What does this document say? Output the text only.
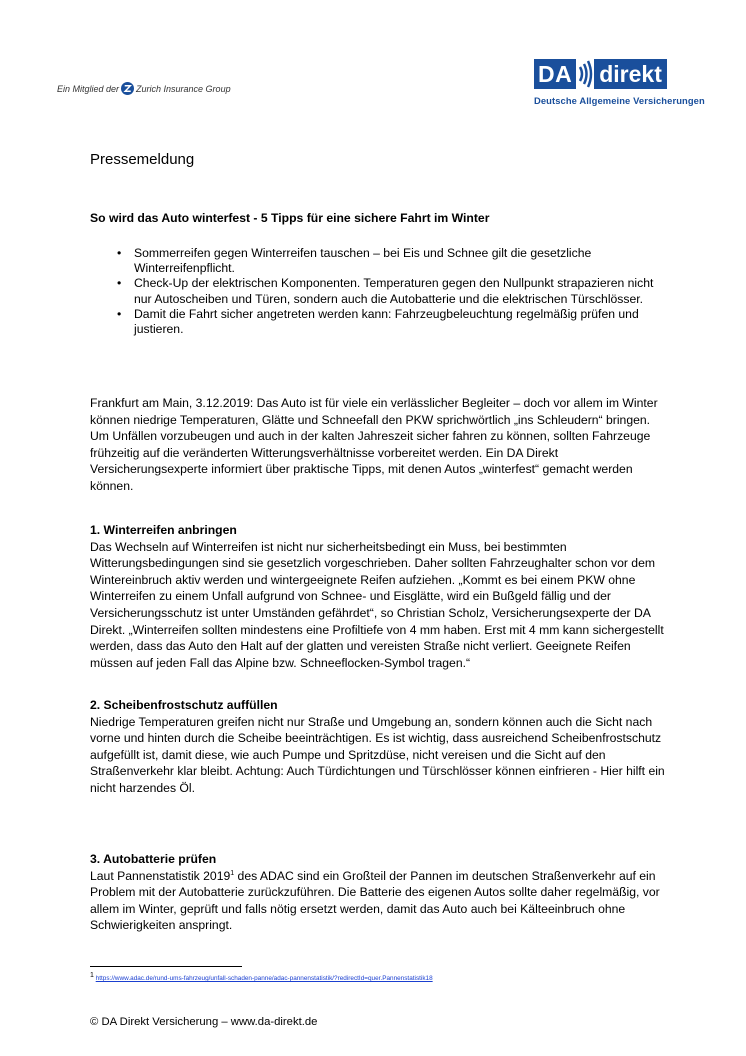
Ein Mitglied der Zurich Insurance Group
DA direkt
Deutsche Allgemeine Versicherungen
Pressemeldung
So wird das Auto winterfest - 5 Tipps für eine sichere Fahrt im Winter
• Sommerreifen gegen Winterreifen tauschen – bei Eis und Schnee gilt die gesetzliche Winterreifenpflicht.
• Check-Up der elektrischen Komponenten. Temperaturen gegen den Nullpunkt strapazieren nicht nur Autoscheiben und Türen, sondern auch die Autobatterie und die elektrischen Türschlösser.
• Damit die Fahrt sicher angetreten werden kann: Fahrzeugbeleuchtung regelmäßig prüfen und justieren.

Frankfurt am Main, 3.12.2019: Das Auto ist für viele ein verlässlicher Begleiter – doch vor allem im Winter können niedrige Temperaturen, Glätte und Schneefall den PKW sprichwörtlich „ins Schleudern“ bringen. Um Unfällen vorzubeugen und auch in der kalten Jahreszeit sicher fahren zu können, sollten Fahrzeuge frühzeitig auf die veränderten Witterungsverhältnisse vorbereitet werden. Ein DA Direkt Versicherungsexperte informiert über praktische Tipps, mit denen Autos „winterfest“ gemacht werden können.

1. Winterreifen anbringen

Das Wechseln auf Winterreifen ist nicht nur sicherheitsbedingt ein Muss, bei bestimmten Witterungsbedingungen sind sie gesetzlich vorgeschrieben. Daher sollten Fahrzeughalter schon vor dem Wintereinbruch aktiv werden und wintergeeignete Reifen aufziehen. „Kommt es bei einem PKW ohne Winterreifen zu einem Unfall aufgrund von Schnee- und Eisglätte, wird ein Bußgeld fällig und der Versicherungsschutz ist unter Umständen gefährdet“, so Christian Scholz, Versicherungsexperte der DA Direkt. „Winterreifen sollten mindestens eine Profiltiefe von 4 mm haben. Erst mit 4 mm kann sichergestellt werden, dass das Auto den Halt auf der glatten und vereisten Straße nicht verliert. Geeignete Reifen müssen auf jeden Fall das Alpine bzw. Schneeflocken-Symbol tragen.“

2. Scheibenfrostschutz auffüllen

Niedrige Temperaturen greifen nicht nur Straße und Umgebung an, sondern können auch die Sicht nach vorne und hinten durch die Scheibe beeinträchtigen. Es ist wichtig, dass ausreichend Scheibenfrostschutz aufgefüllt ist, damit diese, wie auch Pumpe und Spritzdüse, nicht vereisen und die Sicht auf den Straßenverkehr klar bleibt. Achtung: Auch Türdichtungen und Türschlösser können einfrieren - Hier hilft ein nicht harzendes Öl.

3. Autobatterie prüfen

Laut Pannenstatistik 2019$^1$ des ADAC sind ein Großteil der Pannen im deutschen Straßenverkehr auf ein Problem mit der Autobatterie zurückzuführen. Die Batterie des eigenen Autos sollte daher regelmäßig, vor allem im Winter, geprüft und falls nötig ersetzt werden, damit das Auto auch bei Kälteeinbruch ohne Schwierigkeiten anspringt.

$^1$ https://www.adac.de/rund-ums-fahrzeug/unfall-schaden-panne/adac-pannenstatistik/?redirectId=quer.Pannenstatistik18
© DA Direkt Versicherung – www.da-direkt.de
